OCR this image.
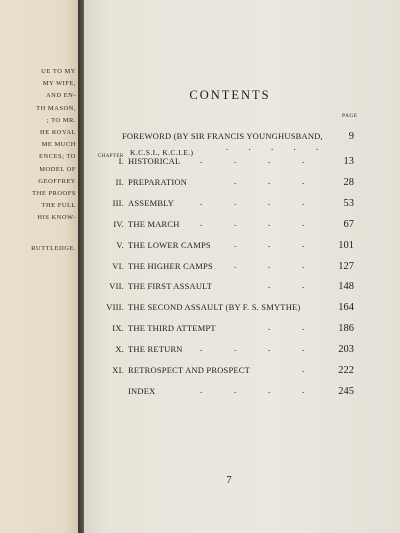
UE TO MY
MY WIFE,
AND EN-
TH MASON,
; TO MR.
HE ROYAL
ME MUCH
ENCES; TO
MODEL OF
GEOFFREY
THE PROOFS
THE FULL
HIS KNOW-
RUTTLEDGE.
CONTENTS
PAGE
FOREWORD (BY SIR FRANCIS YOUNGHUSBAND, 9
K.C.S.I., K.C.I.E.)
. . . . .
CHAPTER
I. HISTORICAL .	.	.	.	13
II. PREPARATION	.	.	.	28
III. ASSEMBLY	.	.	.	.	53
IV. THE MARCH .	.	.	.	67
V. THE LOWER CAMPS	.	.	.	101
VI. THE HIGHER CAMPS .	.	.	127
VII. THE FIRST ASSAULT	.	.	148
VIII. THE SECOND ASSAULT (BY F. S. SMYTHE)	164
IX. THE THIRD ATTEMPT	.	.	186
X. THE RETURN .	.	.	.	203
XI. RETROSPECT AND PROSPECT	.	222
INDEX	.	.	.	.	245
7
